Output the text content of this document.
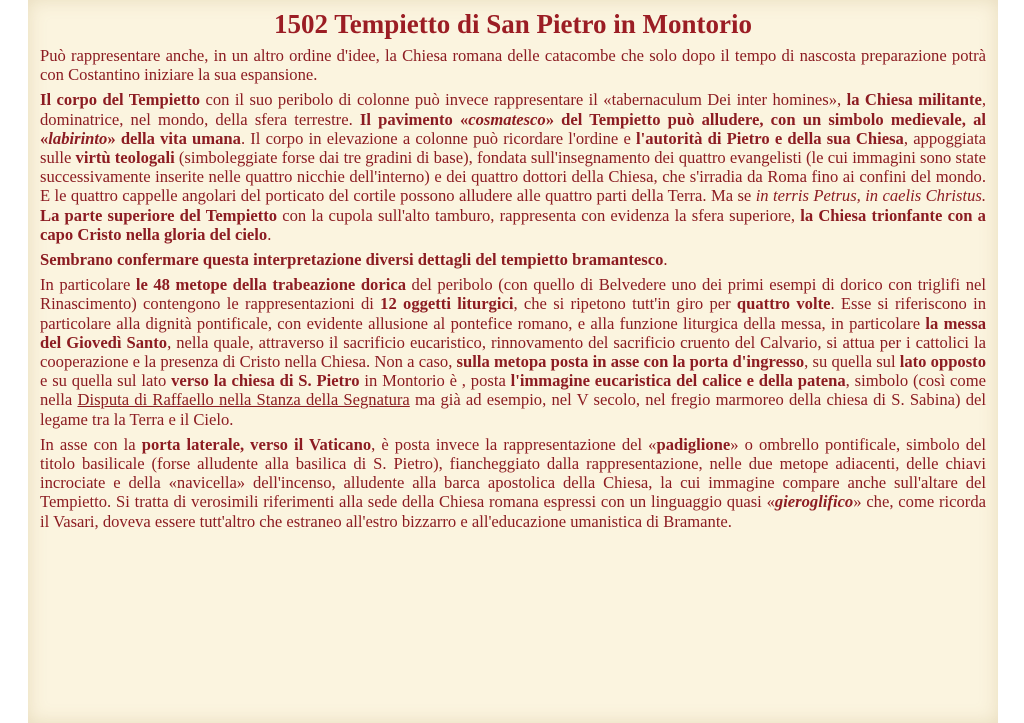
1502 Tempietto di San Pietro in Montorio

Può rappresentare anche, in un altro ordine d'idee, la Chiesa romana delle catacombe che solo dopo il tempo di nascosta preparazione potrà con Costantino iniziare la sua espansione.

Il corpo del Tempietto con il suo peribolo di colonne può invece rappresentare il «tabernaculum Dei inter homines», la Chiesa militante, dominatrice, nel mondo, della sfera terrestre. Il pavimento «cosmatesco» del Tempietto può alludere, con un simbolo medievale, al «labirinto» della vita umana. Il corpo in elevazione a colonne può ricordare l'ordine e l'autorità di Pietro e della sua Chiesa, appoggiata sulle virtù teologali (simboleggiate forse dai tre gradini di base), fondata sull'insegnamento dei quattro evangelisti (le cui immagini sono state successivamente inserite nelle quattro nicchie dell'interno) e dei quattro dottori della Chiesa, che s'irradia da Roma fino ai confini del mondo. E le quattro cappelle angolari del porticato del cortile possono alludere alle quattro parti della Terra. Ma se in terris Petrus, in caelis Christus. La parte superiore del Tempietto con la cupola sull'alto tamburo, rappresenta con evidenza la sfera superiore, la Chiesa trionfante con a capo Cristo nella gloria del cielo.

Sembrano confermare questa interpretazione diversi dettagli del tempietto bramantesco.

In particolare le 48 metope della trabeazione dorica del peribolo (con quello di Belvedere uno dei primi esempi di dorico con triglifi nel Rinascimento) contengono le rappresentazioni di 12 oggetti liturgici, che si ripetono tutt'in giro per quattro volte. Esse si riferiscono in particolare alla dignità pontificale, con evidente allusione al pontefice romano, e alla funzione liturgica della messa, in particolare la messa del Giovedì Santo, nella quale, attraverso il sacrificio eucaristico, rinnovamento del sacrificio cruento del Calvario, si attua per i cattolici la cooperazione e la presenza di Cristo nella Chiesa. Non a caso, sulla metopa posta in asse con la porta d'ingresso, su quella sul lato opposto e su quella sul lato verso la chiesa di S. Pietro in Montorio è , posta l'immagine eucaristica del calice e della patena, simbolo (così come nella Disputa di Raffaello nella Stanza della Segnatura ma già ad esempio, nel V secolo, nel fregio marmoreo della chiesa di S. Sabina) del legame tra la Terra e il Cielo.

In asse con la porta laterale, verso il Vaticano, è posta invece la rappresentazione del «padiglione» o ombrello pontificale, simbolo del titolo basilicale (forse alludente alla basilica di S. Pietro), fiancheggiato dalla rappresentazione, nelle due metope adiacenti, delle chiavi incrociate e della «navicella» dell'incenso, alludente alla barca apostolica della Chiesa, la cui immagine compare anche sull'altare del Tempietto. Si tratta di verosimili riferimenti alla sede della Chiesa romana espressi con un linguaggio quasi «gieroglifico» che, come ricorda il Vasari, doveva essere tutt'altro che estraneo all'estro bizzarro e all'educazione umanistica di Bramante.
